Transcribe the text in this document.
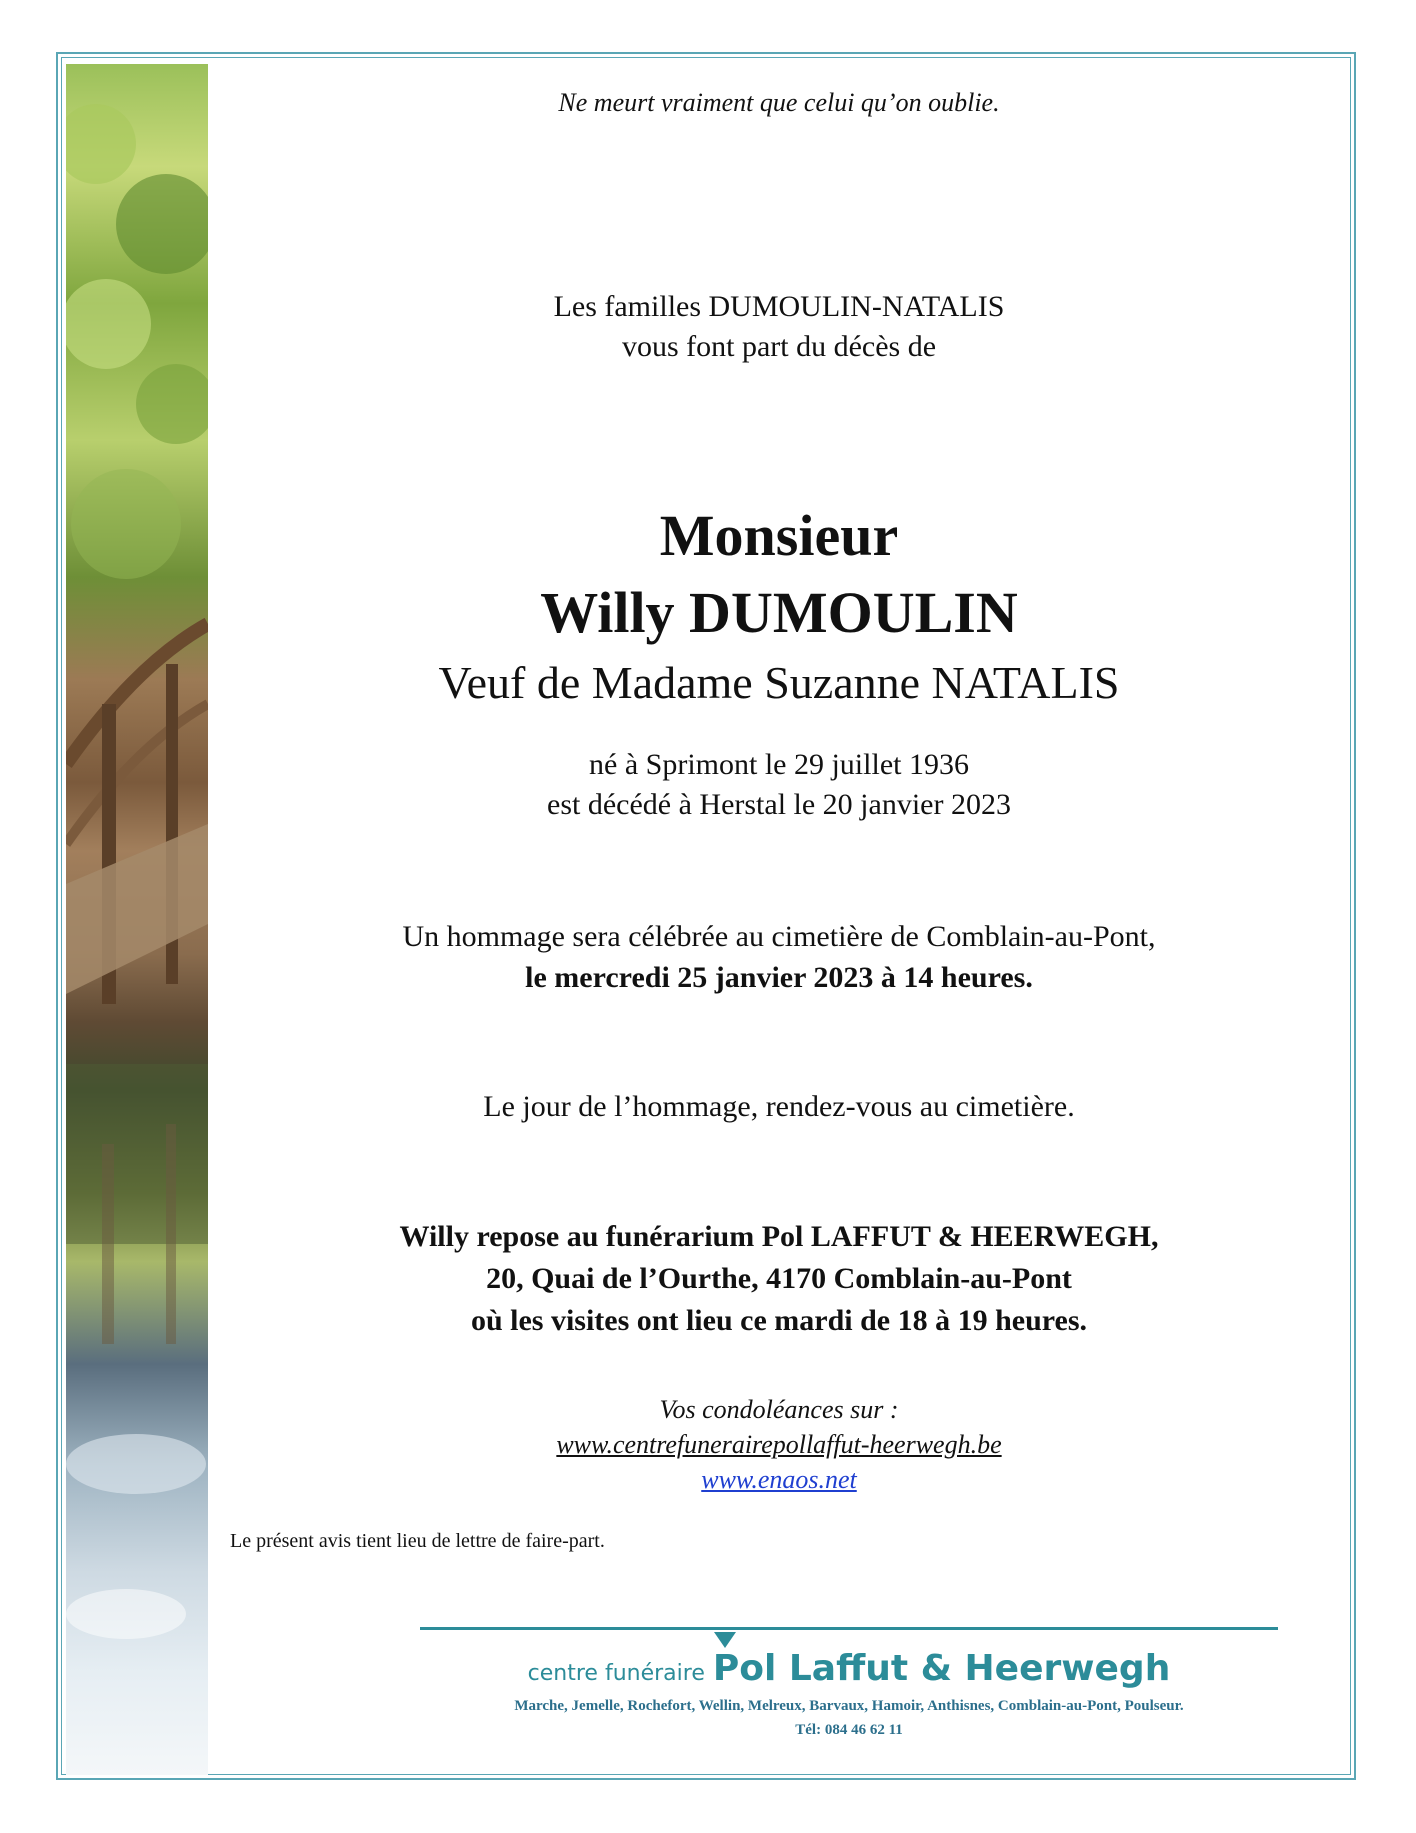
Ne meurt vraiment que celui qu’on oublie.
Les familles DUMOULIN-NATALIS
vous font part du décès de
Monsieur
Willy DUMOULIN
Veuf de Madame Suzanne NATALIS
né à Sprimont le 29 juillet 1936
est décédé à Herstal le 20 janvier 2023
Un hommage sera célébrée au cimetière de Comblain-au-Pont,
le mercredi 25 janvier 2023 à 14 heures.
Le jour de l’hommage, rendez-vous au cimetière.
Willy repose au funérarium Pol LAFFUT & HEERWEGH,
20, Quai de l’Ourthe, 4170 Comblain-au-Pont
où les visites ont lieu ce mardi de 18 à 19 heures.
Vos condoléances sur :
www.centrefunerairepollaffut-heerwegh.be
www.enaos.net
Le présent avis tient lieu de lettre de faire-part.
centre funéraire Pol Laffut & Heerwegh
Marche, Jemelle, Rochefort, Wellin, Melreux, Barvaux, Hamoir, Anthisnes, Comblain-au-Pont, Poulseur.
Tél: 084 46 62 11
